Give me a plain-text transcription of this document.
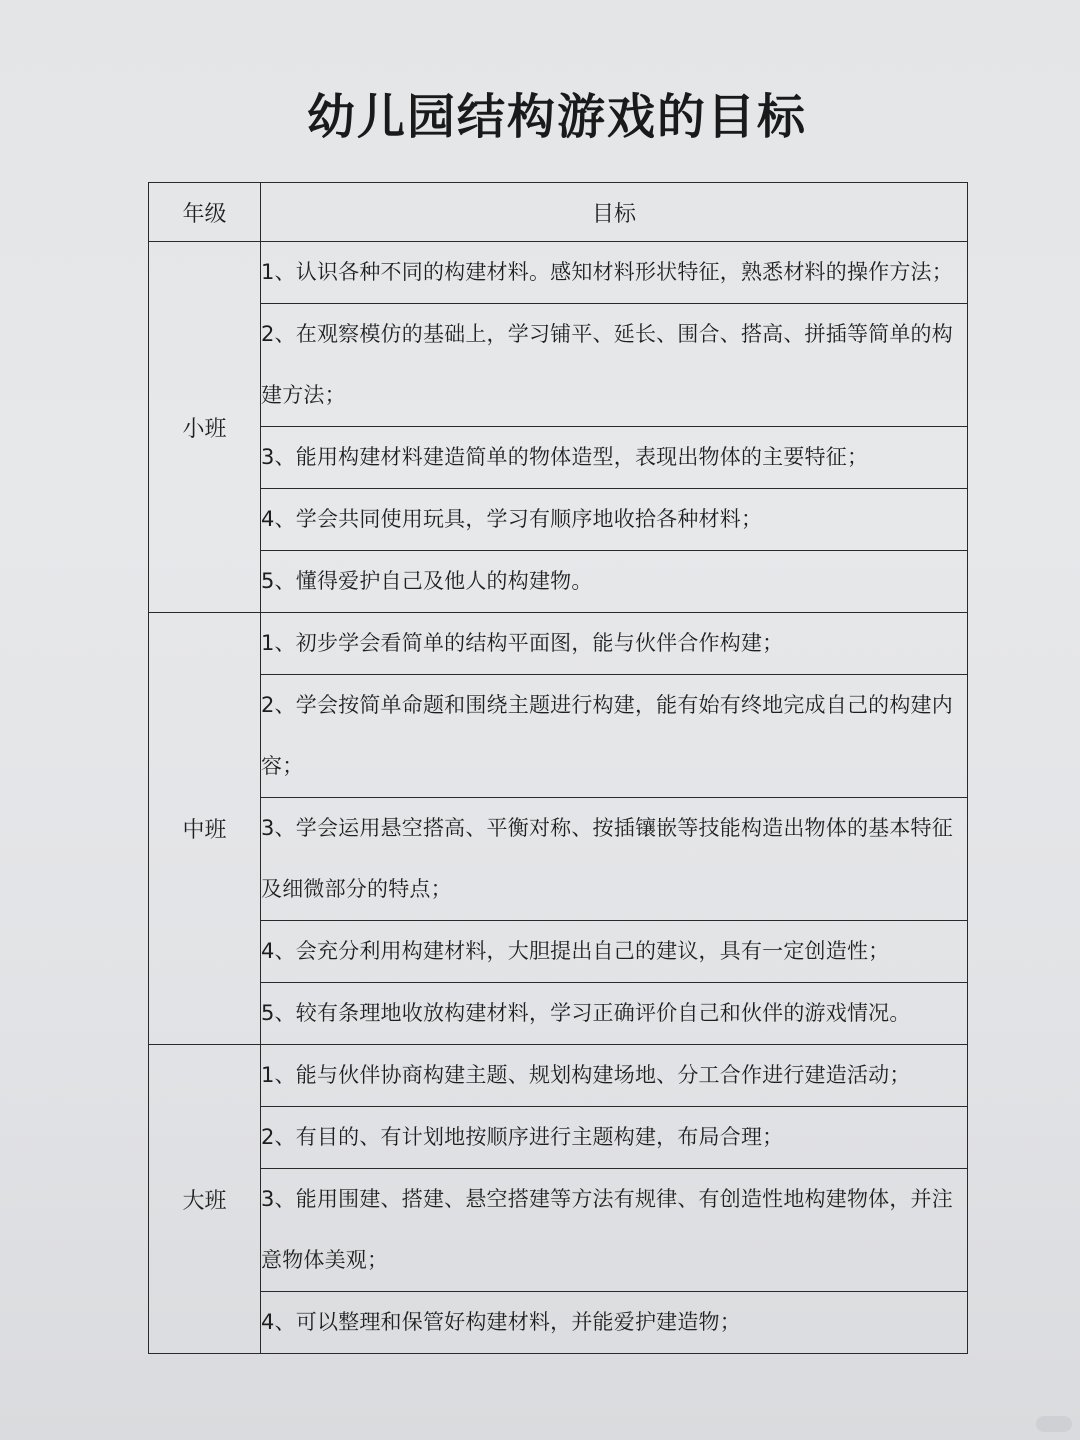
幼儿园结构游戏的目标
年级	目标
小班	1、认识各种不同的构建材料。感知材料形状特征，熟悉材料的操作方法；
	2、在观察模仿的基础上，学习铺平、延长、围合、搭高、拼插等简单的构建方法；
	3、能用构建材料建造简单的物体造型，表现出物体的主要特征；
	4、学会共同使用玩具，学习有顺序地收拾各种材料；
	5、懂得爱护自己及他人的构建物。
中班	1、初步学会看简单的结构平面图，能与伙伴合作构建；
	2、学会按简单命题和围绕主题进行构建，能有始有终地完成自己的构建内容；
	3、学会运用悬空搭高、平衡对称、按插镶嵌等技能构造出物体的基本特征及细微部分的特点；
	4、会充分利用构建材料，大胆提出自己的建议，具有一定创造性；
	5、较有条理地收放构建材料，学习正确评价自己和伙伴的游戏情况。
大班	1、能与伙伴协商构建主题、规划构建场地、分工合作进行建造活动；
	2、有目的、有计划地按顺序进行主题构建，布局合理；
	3、能用围建、搭建、悬空搭建等方法有规律、有创造性地构建物体，并注意物体美观；
	4、可以整理和保管好构建材料，并能爱护建造物；
